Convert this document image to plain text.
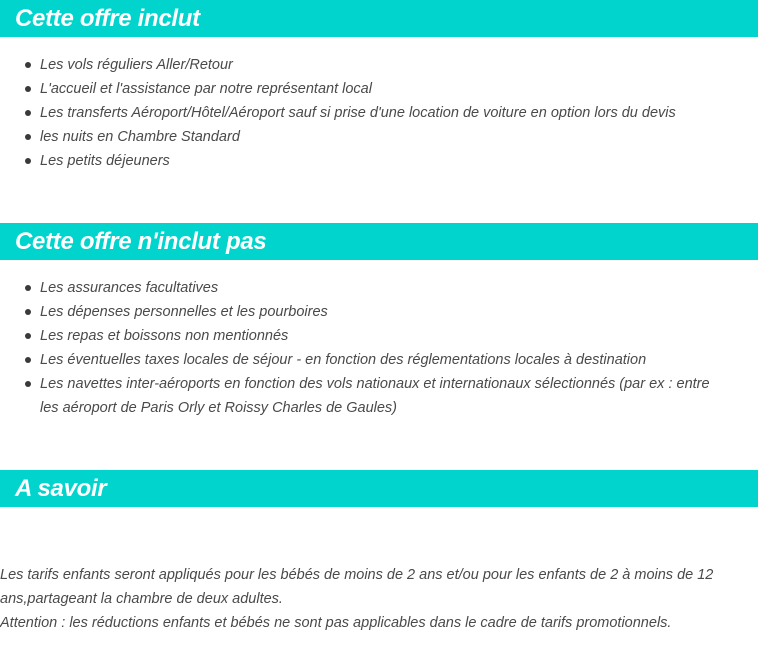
Cette offre inclut
Les vols réguliers Aller/Retour
L'accueil et l'assistance par notre représentant local
Les transferts Aéroport/Hôtel/Aéroport sauf si prise d'une location de voiture en option lors du devis
les nuits en Chambre Standard
Les petits déjeuners
Cette offre n'inclut pas
Les assurances facultatives
Les dépenses personnelles et les pourboires
Les repas et boissons non mentionnés
Les éventuelles taxes locales de séjour - en fonction des réglementations locales à destination
Les navettes inter-aéroports en fonction des vols nationaux et internationaux sélectionnés (par ex : entre les aéroport de Paris Orly et Roissy Charles de Gaules)
A savoir

Les tarifs enfants seront appliqués pour les bébés de moins de 2 ans et/ou pour les enfants de 2 à moins de 12 ans,partageant la chambre de deux adultes.

Attention : les réductions enfants et bébés ne sont pas applicables dans le cadre de tarifs promotionnels.
